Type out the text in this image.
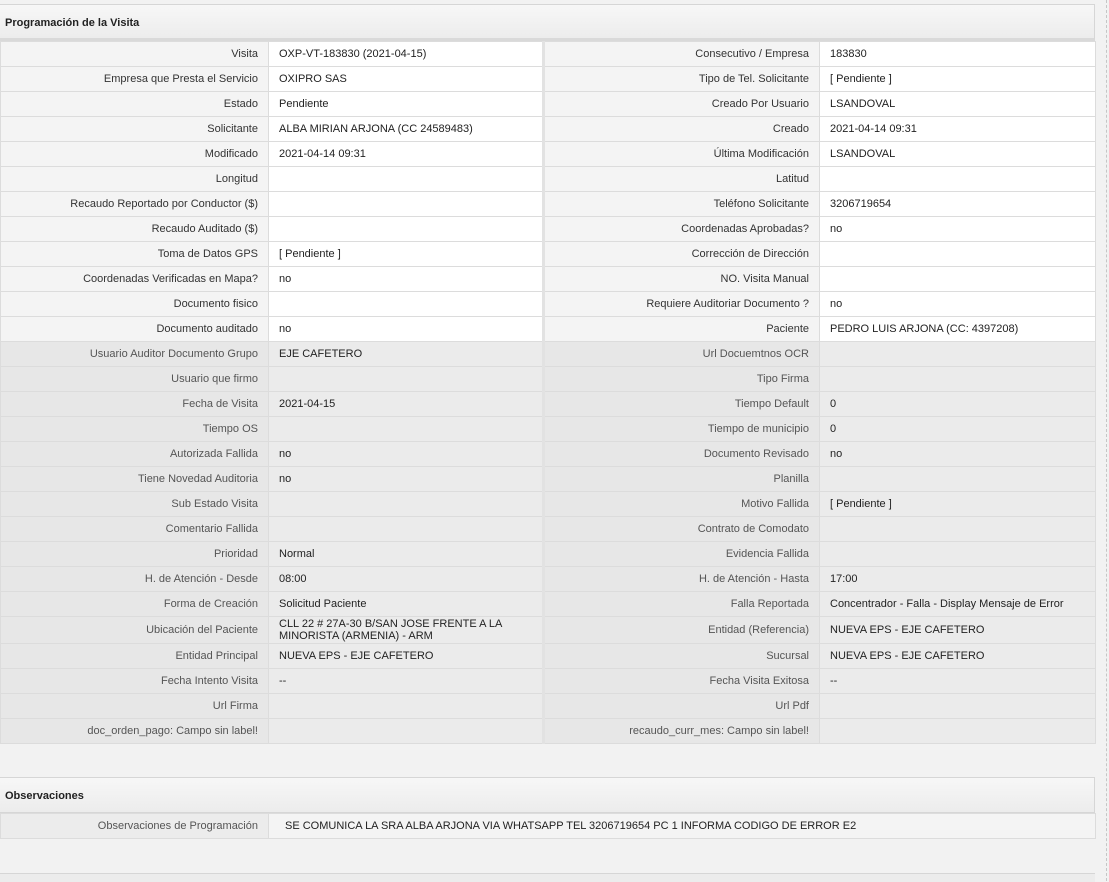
Programación de la Visita
Visita	OXP-VT-183830 (2021-04-15)	Consecutivo / Empresa	183830
Empresa que Presta el Servicio	OXIPRO SAS	Tipo de Tel. Solicitante	[ Pendiente ]
Estado	Pendiente	Creado Por Usuario	LSANDOVAL
Solicitante	ALBA MIRIAN ARJONA (CC 24589483)	Creado	2021-04-14 09:31
Modificado	2021-04-14 09:31	Última Modificación	LSANDOVAL
Longitud		Latitud	
Recaudo Reportado por Conductor ($)		Teléfono Solicitante	3206719654
Recaudo Auditado ($)		Coordenadas Aprobadas?	no
Toma de Datos GPS	[ Pendiente ]	Corrección de Dirección	
Coordenadas Verificadas en Mapa?	no	NO. Visita Manual	
Documento fisico		Requiere Auditoriar Documento ?	no
Documento auditado	no	Paciente	PEDRO LUIS ARJONA (CC: 4397208)
Usuario Auditor Documento Grupo	EJE CAFETERO	Url Docuemtnos OCR	
Usuario que firmo		Tipo Firma	
Fecha de Visita	2021-04-15	Tiempo Default	0
Tiempo OS		Tiempo de municipio	0
Autorizada Fallida	no	Documento Revisado	no
Tiene Novedad Auditoria	no	Planilla	
Sub Estado Visita		Motivo Fallida	[ Pendiente ]
Comentario Fallida		Contrato de Comodato	
Prioridad	Normal	Evidencia Fallida	
H. de Atención - Desde	08:00	H. de Atención - Hasta	17:00
Forma de Creación	Solicitud Paciente	Falla Reportada	Concentrador - Falla - Display Mensaje de Error
Ubicación del Paciente	CLL 22 # 27A-30 B/SAN JOSE FRENTE A LA MINORISTA (ARMENIA) - ARM	Entidad (Referencia)	NUEVA EPS - EJE CAFETERO
Entidad Principal	NUEVA EPS - EJE CAFETERO	Sucursal	NUEVA EPS - EJE CAFETERO
Fecha Intento Visita	--	Fecha Visita Exitosa	--
Url Firma		Url Pdf	
doc_orden_pago: Campo sin label!		recaudo_curr_mes: Campo sin label!	
Observaciones
Observaciones de Programación	SE COMUNICA LA SRA ALBA ARJONA VIA WHATSAPP TEL 3206719654 PC 1 INFORMA CODIGO DE ERROR E2
